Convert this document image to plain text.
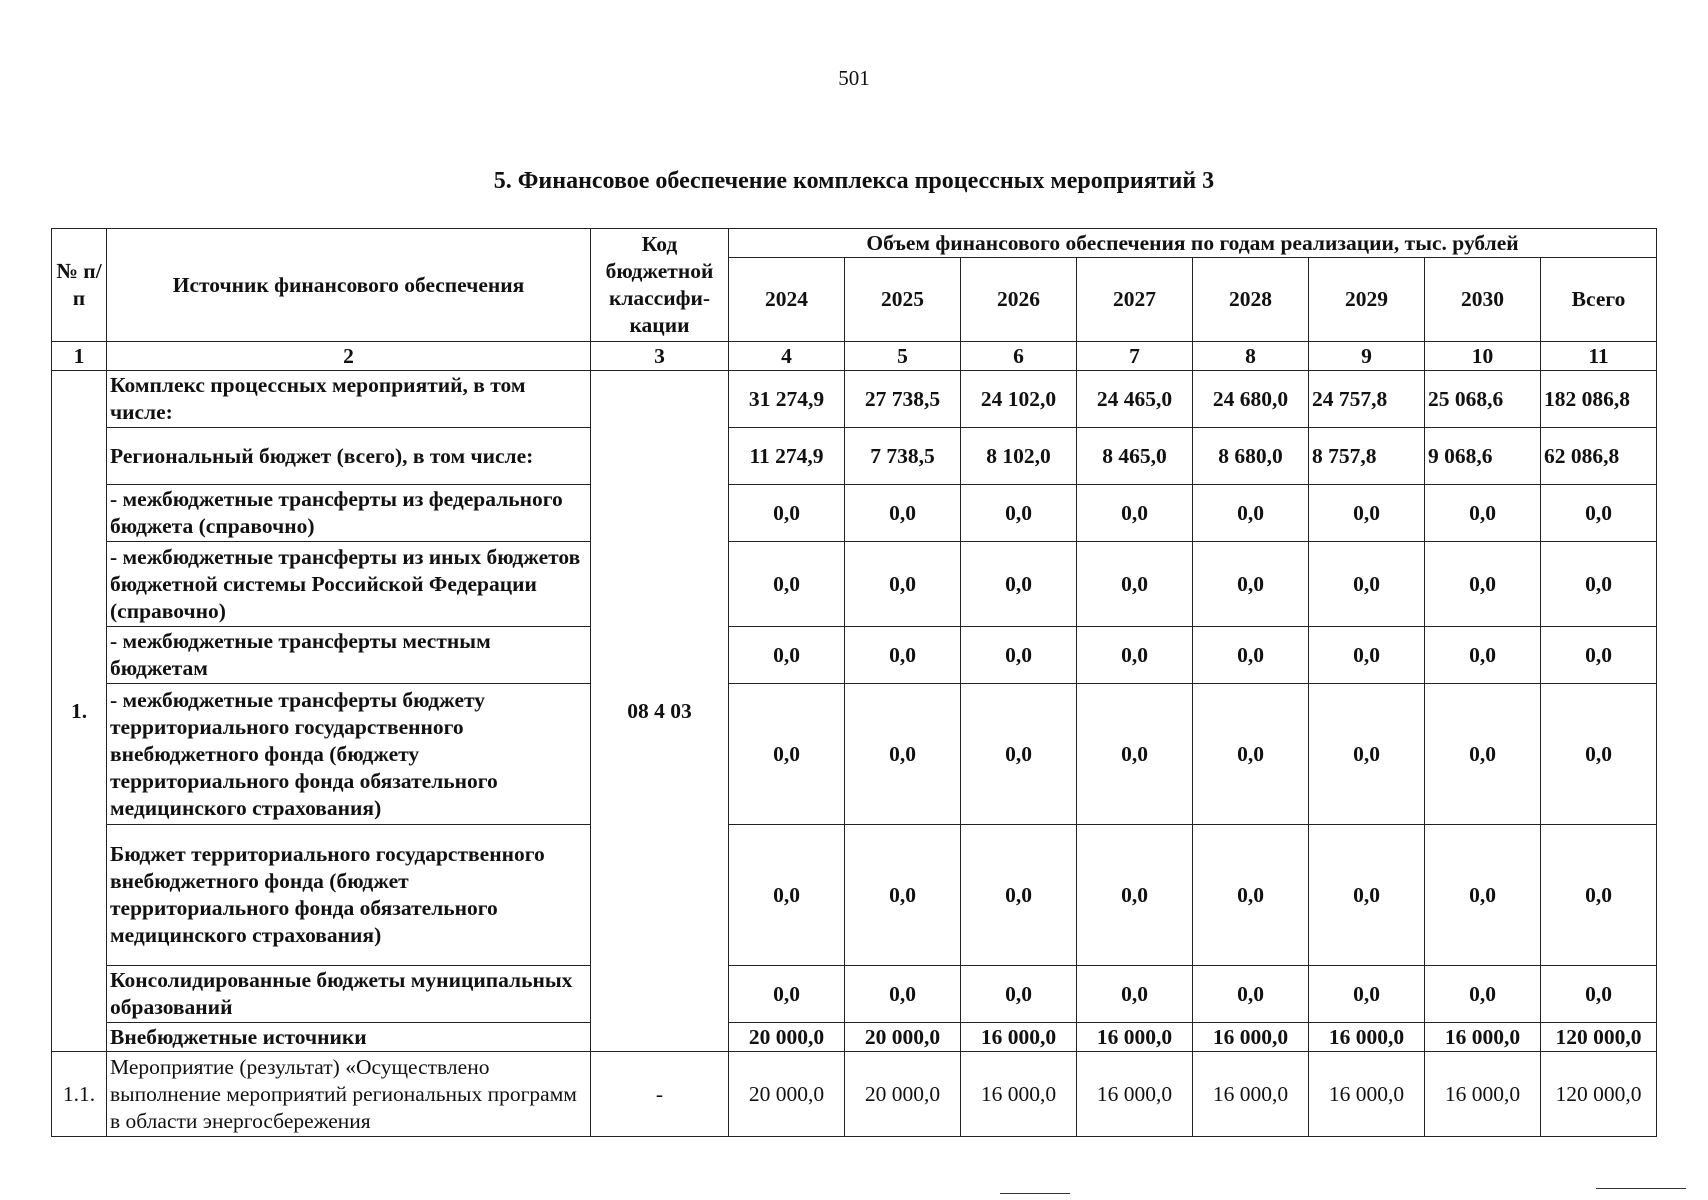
501
5. Финансовое обеспечение комплекса процессных мероприятий 3
№ п/п	Источник финансового обеспечения	Код бюджетной классифи-кации	Объем финансового обеспечения по годам реализации, тыс. рублей							
			2024	2025	2026	2027	2028	2029	2030	Всего
1	2	3	4	5	6	7	8	9	10	11
1.	Комплекс процессных мероприятий, в том числе:	08 4 03	31 274,9	27 738,5	24 102,0	24 465,0	24 680,0	24 757,8	25 068,6	182 086,8
	Региональный бюджет (всего), в том числе:		11 274,9	7 738,5	8 102,0	8 465,0	8 680,0	8 757,8	9 068,6	62 086,8
	- межбюджетные трансферты из федерального бюджета (справочно)		0,0	0,0	0,0	0,0	0,0	0,0	0,0	0,0
	- межбюджетные трансферты из иных бюджетов бюджетной системы Российской Федерации (справочно)		0,0	0,0	0,0	0,0	0,0	0,0	0,0	0,0
	- межбюджетные трансферты местным бюджетам		0,0	0,0	0,0	0,0	0,0	0,0	0,0	0,0
	- межбюджетные трансферты бюджету территориального государственного внебюджетного фонда (бюджету территориального фонда обязательного медицинского страхования)		0,0	0,0	0,0	0,0	0,0	0,0	0,0	0,0
	Бюджет территориального государственного внебюджетного фонда (бюджет территориального фонда обязательного медицинского страхования)		0,0	0,0	0,0	0,0	0,0	0,0	0,0	0,0
	Консолидированные бюджеты муниципальных образований		0,0	0,0	0,0	0,0	0,0	0,0	0,0	0,0
	Внебюджетные источники		20 000,0	20 000,0	16 000,0	16 000,0	16 000,0	16 000,0	16 000,0	120 000,0
1.1.	Мероприятие (результат) «Осуществлено выполнение мероприятий региональных программ в области энергосбережения	-	20 000,0	20 000,0	16 000,0	16 000,0	16 000,0	16 000,0	16 000,0	120 000,0
